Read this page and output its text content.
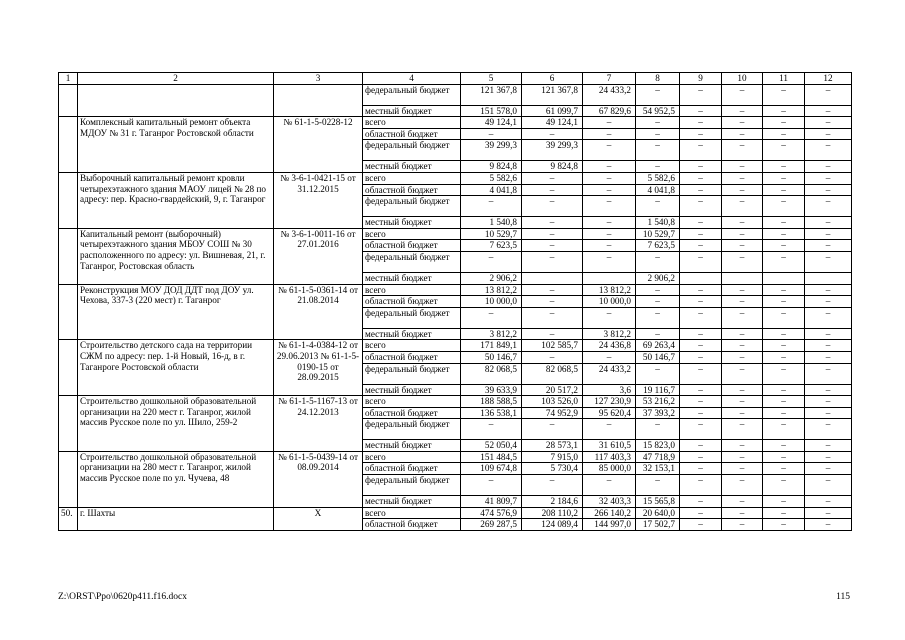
1	2	3	4	5	6	7	8	9	10	11	12
			федеральный бюджет	121 367,8	121 367,8	24 433,2	–	–	–	–	–
			местный бюджет	151 578,0	61 099,7	67 829,6	54 952,5	–	–	–	–
	Комплексный капитальный ремонт объекта МДОУ № 31 г. Таганрог Ростовской области	№ 61-1-5-0228-12	всего	49 124,1	49 124,1	–	–	–	–	–	–
			областной бюджет	–	–	–	–	–	–	–	–
			федеральный бюджет	39 299,3	39 299,3	–	–	–	–	–	–
			местный бюджет	9 824,8	9 824,8	–	–	–	–	–	–
	Выборочный капитальный ремонт кровли четырехэтажного здания МАОУ лицей № 28 по адресу: пер. Красно-гвардейский, 9, г. Таганрог	№ 3-6-1-0421-15 от 31.12.2015	всего	5 582,6	–	–	5 582,6	–	–	–	–
			областной бюджет	4 041,8	–	–	4 041,8	–	–	–	–
			федеральный бюджет	–	–	–	–	–	–	–	–
			местный бюджет	1 540,8	–	–	1 540,8	–	–	–	–
	Капитальный ремонт (выборочный) четырехэтажного здания МБОУ СОШ № 30 расположенного по адресу: ул. Вишневая, 21, г. Таганрог, Ростовская область	№ 3-6-1-0011-16 от 27.01.2016	всего	10 529,7	–	–	10 529,7	–	–	–	–
			областной бюджет	7 623,5	–	–	7 623,5	–	–	–	–
			федеральный бюджет	–	–	–	–	–	–	–	–
			местный бюджет	2 906,2			2 906,2				
	Реконструкция МОУ ДОД ДДТ под ДОУ ул. Чехова, 337-3 (220 мест) г. Таганрог	№ 61-1-5-0361-14 от 21.08.2014	всего	13 812,2	–	13 812,2	–	–	–	–	–
			областной бюджет	10 000,0	–	10 000,0	–	–	–	–	–
			федеральный бюджет	–	–	–	–	–	–	–	–
			местный бюджет	3 812,2	–	3 812,2	–	–	–	–	–
	Строительство детского сада на территории СЖМ по адресу: пер. 1-й Новый, 16-д, в г. Таганроге Ростовской области	№ 61-1-4-0384-12 от 29.06.2013 № 61-1-5-0190-15 от 28.09.2015	всего	171 849,1	102 585,7	24 436,8	69 263,4	–	–	–	–
			областной бюджет	50 146,7	–	–	50 146,7	–	–	–	–
			федеральный бюджет	82 068,5	82 068,5	24 433,2	–	–	–	–	–
			местный бюджет	39 633,9	20 517,2	3,6	19 116,7	–	–	–	–
	Строительство дошкольной образовательной организации на 220 мест г. Таганрог, жилой массив Русское поле по ул. Шило, 259-2	№ 61-1-5-1167-13 от 24.12.2013	всего	188 588,5	103 526,0	127 230,9	53 216,2	–	–	–	–
			областной бюджет	136 538,1	74 952,9	95 620,4	37 393,2	–	–	–	–
			федеральный бюджет	–	–	–	–	–	–	–	–
			местный бюджет	52 050,4	28 573,1	31 610,5	15 823,0	–	–	–	–
	Строительство дошкольной образовательной организации на 280 мест г. Таганрог, жилой массив Русское поле по ул. Чучева, 48	№ 61-1-5-0439-14 от 08.09.2014	всего	151 484,5	7 915,0	117 403,3	47 718,9	–	–	–	–
			областной бюджет	109 674,8	5 730,4	85 000,0	32 153,1	–	–	–	–
			федеральный бюджет	–	–	–	–	–	–	–	–
			местный бюджет	41 809,7	2 184,6	32 403,3	15 565,8	–	–	–	–
50.	г. Шахты	Х	всего	474 576,9	208 110,2	266 140,2	20 640,0	–	–	–	–
			областной бюджет	269 287,5	124 089,4	144 997,0	17 502,7	–	–	–	–
Z:\ORST\Ppo\0620p411.f16.docx	115
